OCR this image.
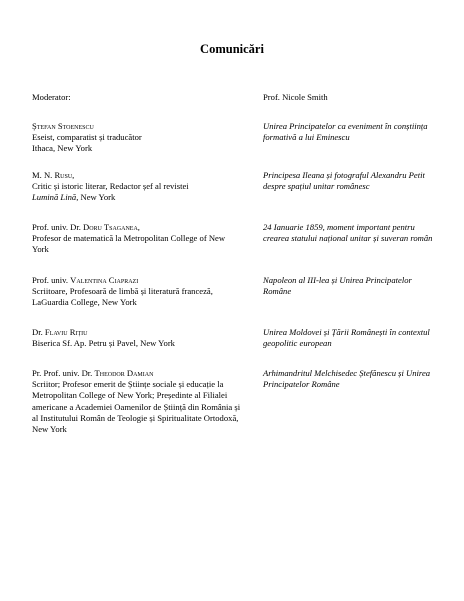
Comunicări
Moderator:	Prof. Nicole Smith
Ștefan Stoenescu
Eseist, comparatist și traducător
Ithaca, New York
Unirea Principatelor ca eveniment în conștiința formativă a lui Eminescu
M. N. Rusu,
Critic și istoric literar, Redactor șef al revistei
Lumină Lină, New York
Principesa Ileana și fotograful Alexandru Petit despre spațiul unitar românesc
Prof. univ. Dr. Doru Tsaganea,
Profesor de matematică la Metropolitan College of New York
24 Ianuarie 1859, moment important pentru crearea statului național unitar și suveran român
Prof. univ. Valentina Ciaprazi
Scriitoare, Profesoară de limbă și literatură franceză, LaGuardia College, New York
Napoleon al III-lea și Unirea Principatelor Române
Dr. Flaviu Rițiu
Biserica Sf. Ap. Petru și Pavel, New York
Unirea Moldovei și Țării Românești în contextul geopolitic european
Pr. Prof. univ. Dr. Theodor Damian
Scriitor; Profesor emerit de Științe sociale și educație la Metropolitan College of New York; Președinte al Filialei americane a Academiei Oamenilor de Știință din România și al Institutului Român de Teologie și Spiritualitate Ortodoxă, New York
Arhimandritul Melchisedec Ștefănescu și Unirea Principatelor Române
